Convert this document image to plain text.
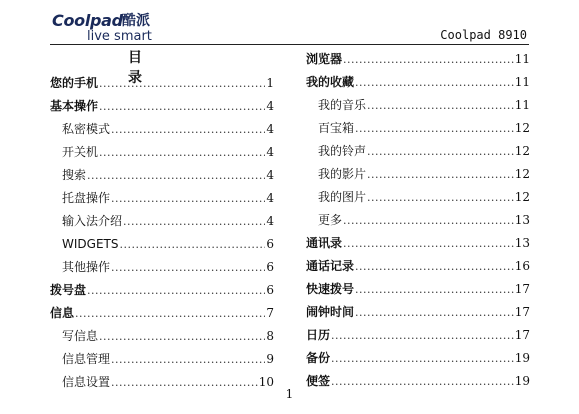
Coolpad 酷派
live smart	Coolpad 8910
目 录
您的手机 .....	1
基本操作 .....	4
私密模式 .....	4
开关机 .....	4
搜索 .....	4
托盘操作 .....	4
输入法介绍 .....	4
WIDGETS .....	6
其他操作 .....	6
拨号盘 .....	6
信息 .....	7
写信息 .....	8
信息管理 .....	9
信息设置 .....	10
浏览器 .....	11
我的收藏 .....	11
我的音乐 .....	11
百宝箱 .....	12
我的铃声 .....	12
我的影片 .....	12
我的图片 .....	12
更多 .....	13
通讯录 .....	13
通话记录 .....	16
快速拨号 .....	17
闹钟时间 .....	17
日历 .....	17
备份 .....	19
便签 .....	19
1
